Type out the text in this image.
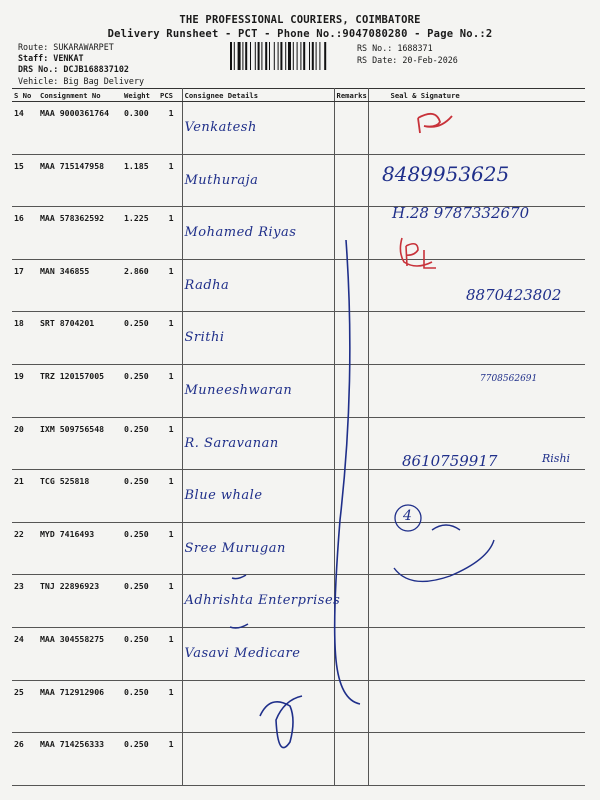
THE PROFESSIONAL COURIERS, COIMBATORE
Delivery Runsheet - PCT - Phone No.:9047080280 - Page No.:2
Route: SUKARAWARPET
Staff: VENKAT
DRS No.: DCJB168837102
Vehicle: Big Bag Delivery
RS No.: 1688371
RS Date: 20-Feb-2026
S No	Consignment No	Weight	PCS	Consignee Details	Remarks	Seal & Signature
14	MAA 9000361764	0.300	1	Venkatesh		
15	MAA 715147958	1.185	1	Muthuraja		
16	MAA 578362592	1.225	1	Mohamed Riyas		
17	MAN 346855	2.860	1	Radha		
18	SRT 8704201	0.250	1	Srithi		
19	TRZ 120157005	0.250	1	Muneeshwaran		
20	IXM 509756548	0.250	1	R. Saravanan		
21	TCG 525818	0.250	1	Blue whale		
22	MYD 7416493	0.250	1	Sree Murugan		
23	TNJ 22896923	0.250	1	Adhrishta Enterprises		
24	MAA 304558275	0.250	1	Vasavi Medicare		
25	MAA 712912906	0.250	1			
26	MAA 714256333	0.250	1			
8489953625
H.28 9787332670
8870423802
7708562691
8610759917	Rishi
4
